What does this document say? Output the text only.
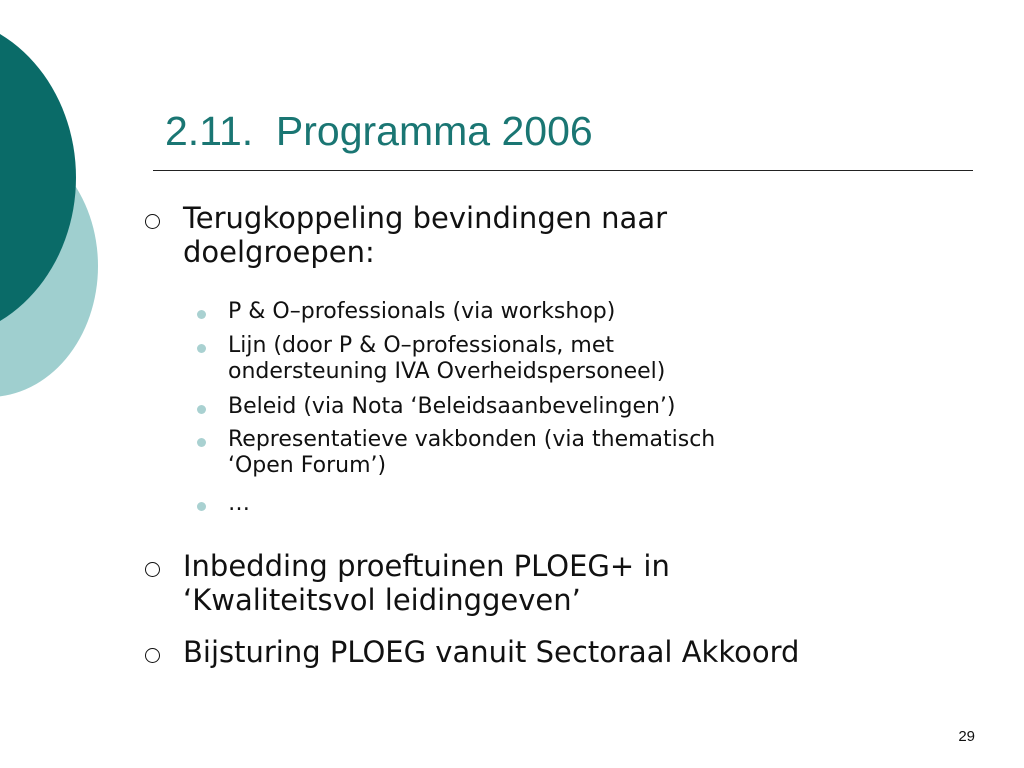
2.11.  Programma 2006
Terugkoppeling bevindingen naar
doelgroepen:
P & O–professionals (via workshop)
Lijn (door P & O–professionals, met
ondersteuning IVA Overheidspersoneel)
Beleid (via Nota ‘Beleidsaanbevelingen’)
Representatieve vakbonden (via thematisch
‘Open Forum’)
…
Inbedding proeftuinen PLOEG+ in
‘Kwaliteitsvol leidinggeven’
Bijsturing PLOEG vanuit Sectoraal Akkoord
29
